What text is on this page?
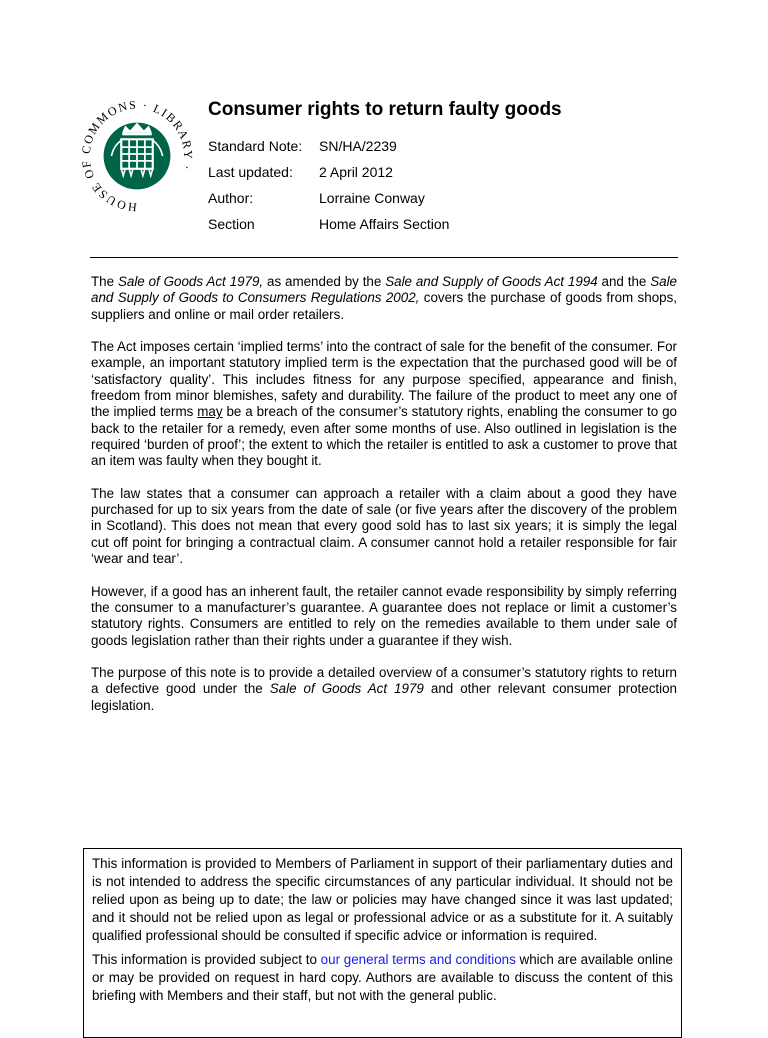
HOUSE OF COMMONS · LIBRARY ·
Consumer rights to return faulty goods
Standard Note: SN/HA/2239
Last updated: 2 April 2012
Author:	Lorraine Conway
Section	Home Affairs Section

The Sale of Goods Act 1979, as amended by the Sale and Supply of Goods Act 1994 and the Sale and Supply of Goods to Consumers Regulations 2002, covers the purchase of goods from shops, suppliers and online or mail order retailers.

The Act imposes certain ‘implied terms’ into the contract of sale for the benefit of the consumer. For example, an important statutory implied term is the expectation that the purchased good will be of ‘satisfactory quality’. This includes fitness for any purpose specified, appearance and finish, freedom from minor blemishes, safety and durability. The failure of the product to meet any one of the implied terms may be a breach of the consumer’s statutory rights, enabling the consumer to go back to the retailer for a remedy, even after some months of use. Also outlined in legislation is the required ‘burden of proof’; the extent to which the retailer is entitled to ask a customer to prove that an item was faulty when they bought it.

The law states that a consumer can approach a retailer with a claim about a good they have purchased for up to six years from the date of sale (or five years after the discovery of the problem in Scotland). This does not mean that every good sold has to last six years; it is simply the legal cut off point for bringing a contractual claim. A consumer cannot hold a retailer responsible for fair ‘wear and tear’.

However, if a good has an inherent fault, the retailer cannot evade responsibility by simply referring the consumer to a manufacturer’s guarantee. A guarantee does not replace or limit a customer’s statutory rights. Consumers are entitled to rely on the remedies available to them under sale of goods legislation rather than their rights under a guarantee if they wish.

The purpose of this note is to provide a detailed overview of a consumer’s statutory rights to return a defective good under the Sale of Goods Act 1979 and other relevant consumer protection legislation.

This information is provided to Members of Parliament in support of their parliamentary duties and is not intended to address the specific circumstances of any particular individual. It should not be relied upon as being up to date; the law or policies may have changed since it was last updated; and it should not be relied upon as legal or professional advice or as a substitute for it. A suitably qualified professional should be consulted if specific advice or information is required.

This information is provided subject to our general terms and conditions which are available online or may be provided on request in hard copy. Authors are available to discuss the content of this briefing with Members and their staff, but not with the general public.
